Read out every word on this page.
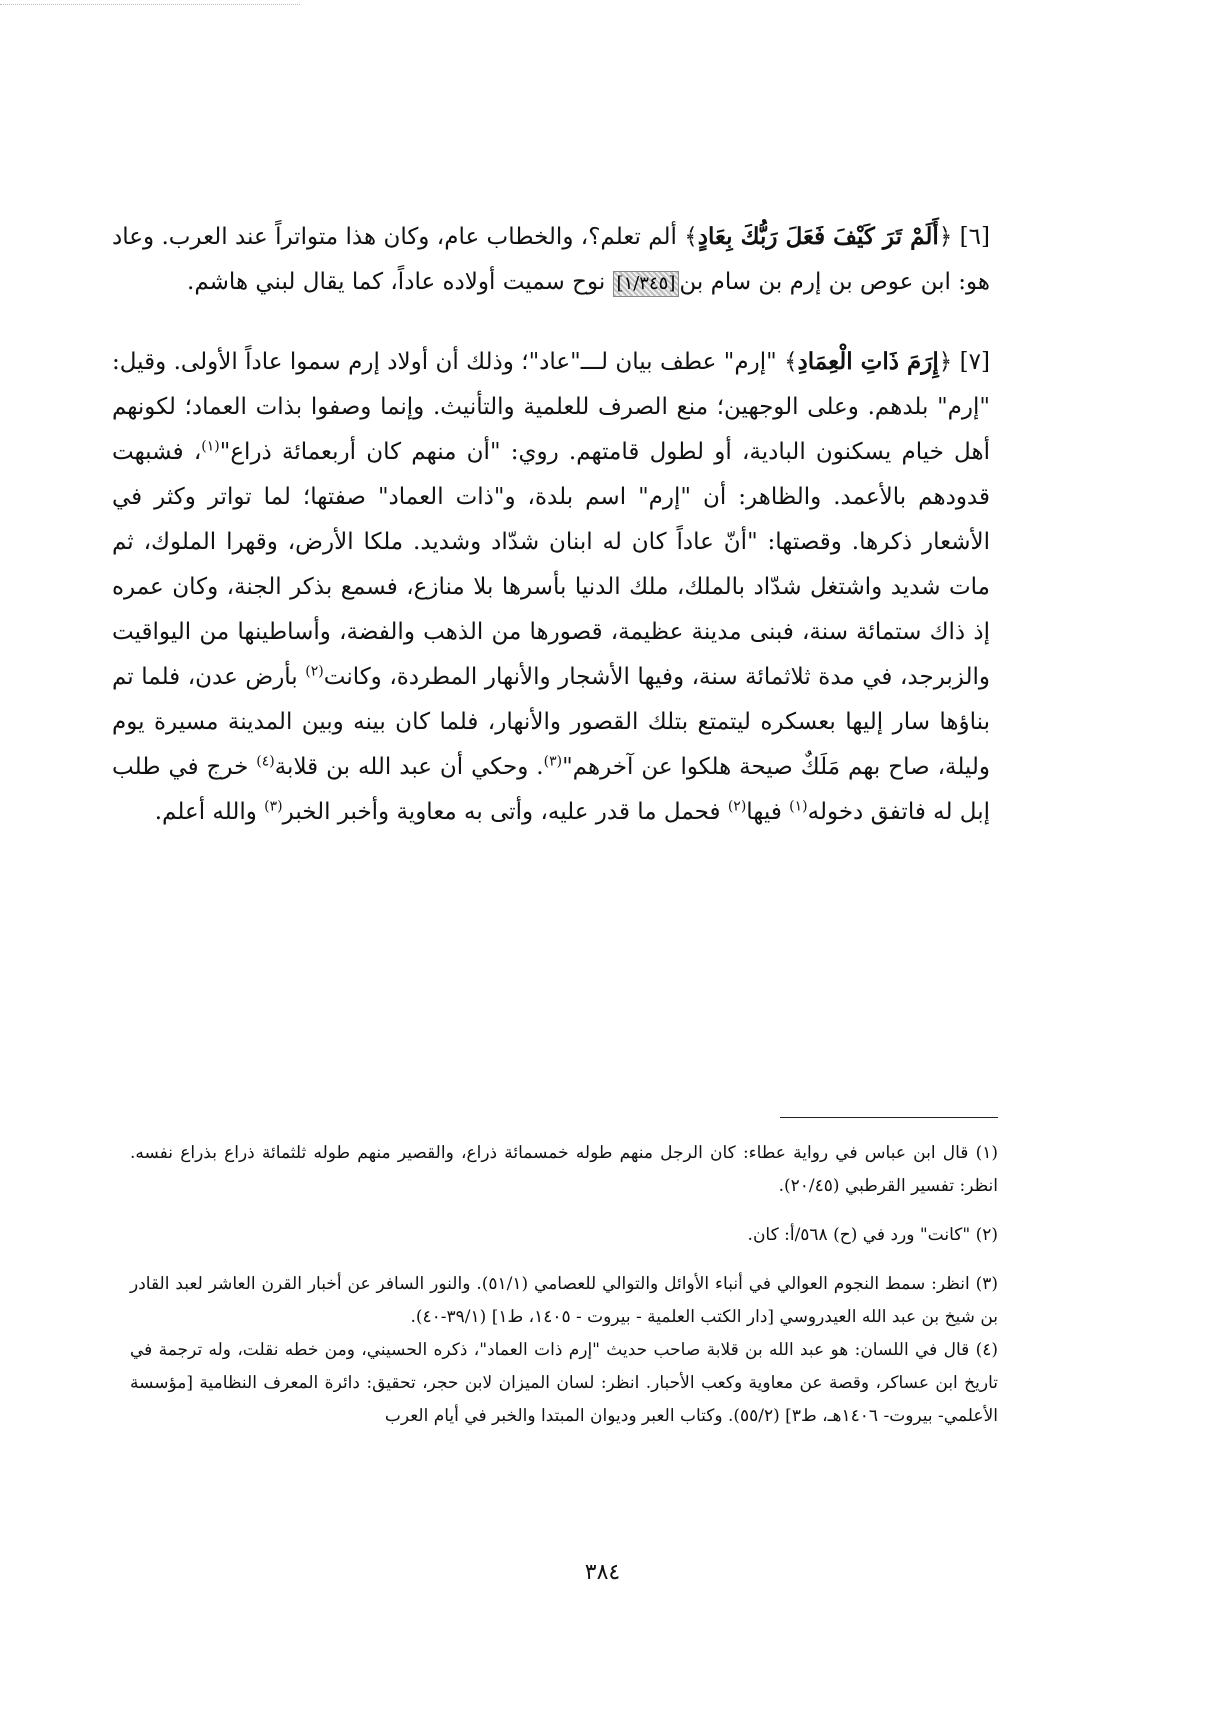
[٦] ﴿أَلَمْ تَرَ كَيْفَ فَعَلَ رَبُّكَ بِعَادٍ﴾ ألم تعلم؟، والخطاب عام، وكان هذا متواتراً عند العرب. وعاد هو: ابن عوص بن إرم بن سام بن[١/٣٤٥] نوح سميت أولاده عاداً، كما يقال لبني هاشم.

[٧] ﴿إِرَمَ ذَاتِ الْعِمَادِ﴾ "إرم" عطف بيان لـــ"عاد"؛ وذلك أن أولاد إرم سموا عاداً الأولى. وقيل: "إرم" بلدهم. وعلى الوجهين؛ منع الصرف للعلمية والتأنيث. وإنما وصفوا بذات العماد؛ لكونهم أهل خيام يسكنون البادية، أو لطول قامتهم. روي: "أن منهم كان أربعمائة ذراع"$^{(١)}$، فشبهت قدودهم بالأعمد. والظاهر: أن "إرم" اسم بلدة، و"ذات العماد" صفتها؛ لما تواتر وكثر في الأشعار ذكرها. وقصتها: "أنّ عاداً كان له ابنان شدّاد وشديد. ملكا الأرض، وقهرا الملوك، ثم مات شديد واشتغل شدّاد بالملك، ملك الدنيا بأسرها بلا منازع، فسمع بذكر الجنة، وكان عمره إذ ذاك ستمائة سنة، فبنى مدينة عظيمة، قصورها من الذهب والفضة، وأساطينها من اليواقيت والزبرجد، في مدة ثلاثمائة سنة، وفيها الأشجار والأنهار المطردة، وكانت$^{(٢)}$ بأرض عدن، فلما تم بناؤها سار إليها بعسكره ليتمتع بتلك القصور والأنهار، فلما كان بينه وبين المدينة مسيرة يوم وليلة، صاح بهم مَلَكٌ صيحة هلكوا عن آخرهم"$^{(٣)}$. وحكي أن عبد الله بن قلابة$^{(٤)}$ خرج في طلب إبل له فاتفق دخوله$^{(١)}$ فيها$^{(٢)}$ فحمل ما قدر عليه، وأتى به معاوية وأخبر الخبر$^{(٣)}$ والله أعلم.

(١) قال ابن عباس في رواية عطاء: كان الرجل منهم طوله خمسمائة ذراع، والقصير منهم طوله ثلثمائة ذراع بذراع نفسه. انظر: تفسير القرطبي (٢٠/٤٥).

(٢) "كانت" ورد في (ح) ٥٦٨/أ: كان.

(٣) انظر: سمط النجوم العوالي في أنباء الأوائل والتوالي للعصامي (٥١/١). والنور السافر عن أخبار القرن العاشر لعبد القادر بن شيخ بن عبد الله العيدروسي [دار الكتب العلمية - بيروت - ١٤٠٥، ط١] (٣٩/١-٤٠).

(٤) قال في اللسان: هو عبد الله بن قلابة صاحب حديث "إرم ذات العماد"، ذكره الحسيني، ومن خطه نقلت، وله ترجمة في تاريخ ابن عساكر، وقصة عن معاوية وكعب الأحبار. انظر: لسان الميزان لابن حجر، تحقيق: دائرة المعرف النظامية [مؤسسة الأعلمي- بيروت- ١٤٠٦هـ، ط٣] (٥٥/٢). وكتاب العبر وديوان المبتدا والخبر في أيام العرب

٣٨٤
